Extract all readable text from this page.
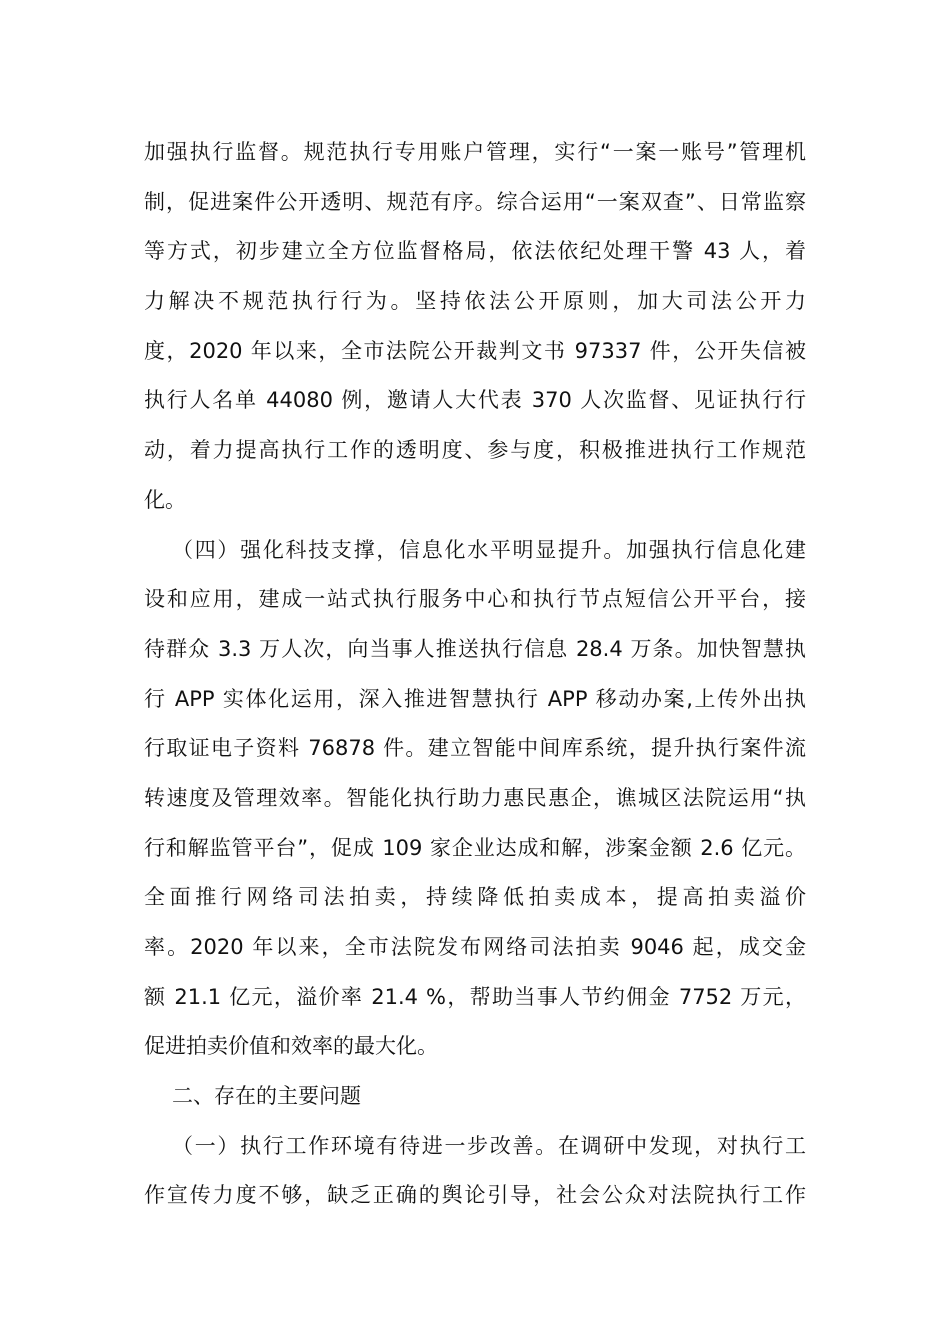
加强执行监督。规范执行专用账户管理，实行“一案一账号”管理机
制，促进案件公开透明、规范有序。综合运用“一案双查”、日常监察
等方式，初步建立全方位监督格局，依法依纪处理干警 43 人，着
力解决不规范执行行为。坚持依法公开原则，加大司法公开力
度，2020 年以来，全市法院公开裁判文书 97337 件，公开失信被
执行人名单 44080 例，邀请人大代表 370 人次监督、见证执行行
动，着力提高执行工作的透明度、参与度，积极推进执行工作规范
化。
（四）强化科技支撑，信息化水平明显提升。加强执行信息化建
设和应用，建成一站式执行服务中心和执行节点短信公开平台，接
待群众 3.3 万人次，向当事人推送执行信息 28.4 万条。加快智慧执
行 APP 实体化运用，深入推进智慧执行 APP 移动办案,上传外出执
行取证电子资料 76878 件。建立智能中间库系统，提升执行案件流
转速度及管理效率。智能化执行助力惠民惠企，谯城区法院运用“执
行和解监管平台”，促成 109 家企业达成和解，涉案金额 2.6 亿元。
全面推行网络司法拍卖，持续降低拍卖成本，提高拍卖溢价
率。2020 年以来，全市法院发布网络司法拍卖 9046 起，成交金
额 21.1 亿元，溢价率 21.4 %，帮助当事人节约佣金 7752 万元，
促进拍卖价值和效率的最大化。
二、存在的主要问题
（一）执行工作环境有待进一步改善。在调研中发现，对执行工
作宣传力度不够，缺乏正确的舆论引导，社会公众对法院执行工作
